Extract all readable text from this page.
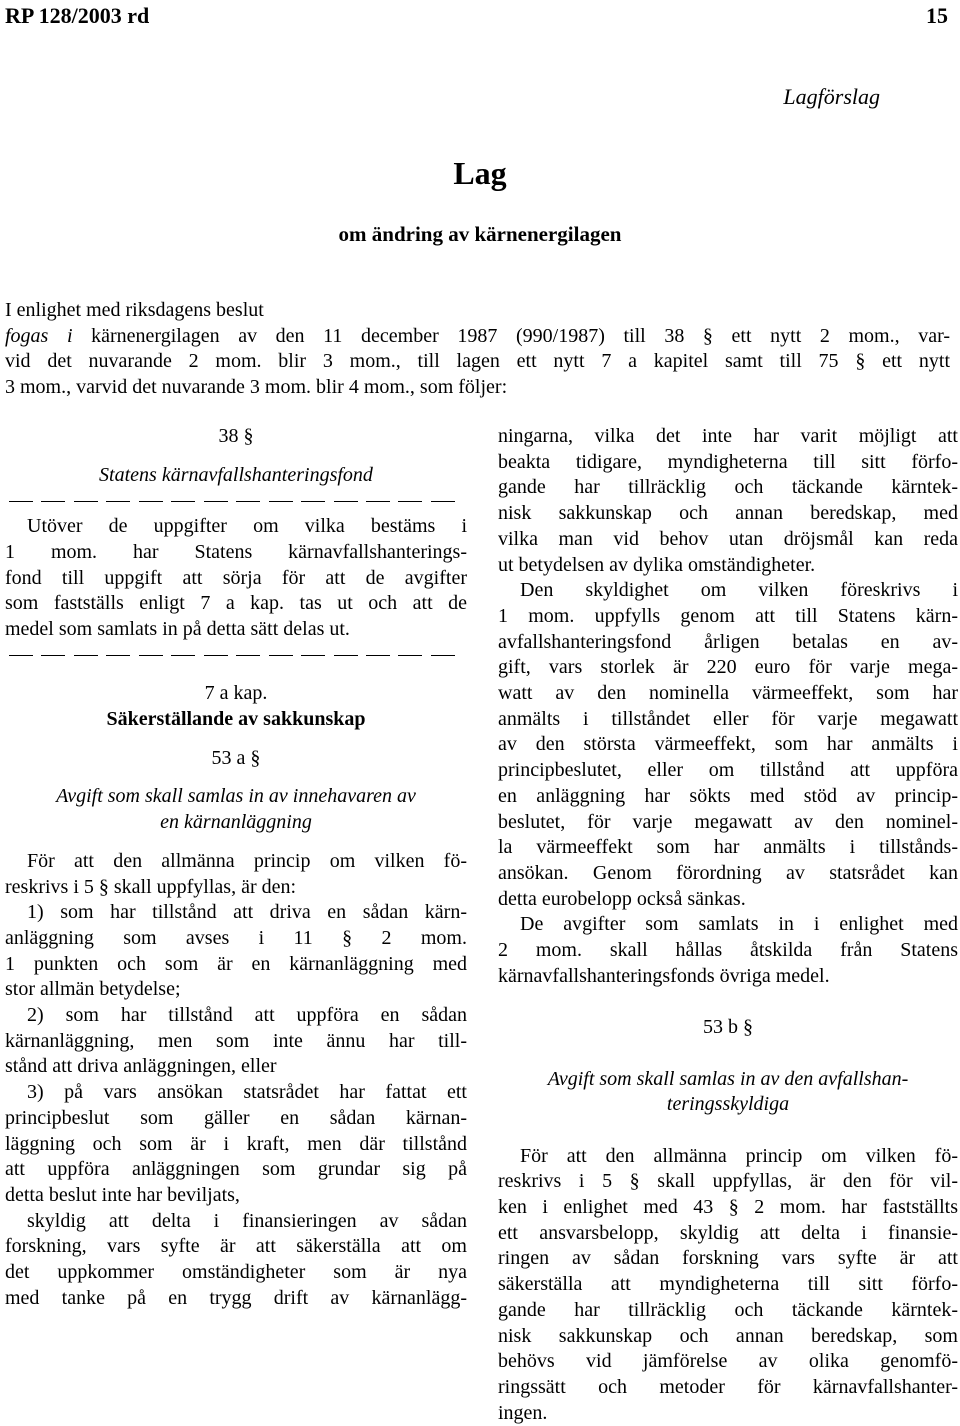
RP 128/2003 rd	15
Lagförslag
Lag
om ändring av kärnenergilagen
I enlighet med riksdagens beslut
fogas i kärnenergilagen av den 11 december 1987 (990/1987) till 38 § ett nytt 2 mom., var-
vid det nuvarande 2 mom. blir 3 mom., till lagen ett nytt 7 a kapitel samt till 75 § ett nytt
3 mom., varvid det nuvarande 3 mom. blir 4 mom., som följer:
38 §
Statens kärnavfallshanteringsfond
Utöver de uppgifter om vilka bestäms i
1 mom. har Statens kärnavfallshanterings-
fond till uppgift att sörja för att de avgifter
som fastställs enligt 7 a kap. tas ut och att de
medel som samlats in på detta sätt delas ut.
7 a kap.
Säkerställande av sakkunskap
53 a §
Avgift som skall samlas in av innehavaren av
en kärnanläggning
För att den allmänna princip om vilken fö-
reskrivs i 5 § skall uppfyllas, är den:
1) som har tillstånd att driva en sådan kärn-
anläggning som avses i 11 § 2 mom.
1 punkten och som är en kärnanläggning med
stor allmän betydelse;
2) som har tillstånd att uppföra en sådan
kärnanläggning, men som inte ännu har till-
stånd att driva anläggningen, eller
3) på vars ansökan statsrådet har fattat ett
principbeslut som gäller en sådan kärnan-
läggning och som är i kraft, men där tillstånd
att uppföra anläggningen som grundar sig på
detta beslut inte har beviljats,
skyldig att delta i finansieringen av sådan
forskning, vars syfte är att säkerställa att om
det uppkommer omständigheter som är nya
med tanke på en trygg drift av kärnanlägg-
ningarna, vilka det inte har varit möjligt att
beakta tidigare, myndigheterna till sitt förfo-
gande har tillräcklig och täckande kärntek-
nisk sakkunskap och annan beredskap, med
vilka man vid behov utan dröjsmål kan reda
ut betydelsen av dylika omständigheter.
Den skyldighet om vilken föreskrivs i
1 mom. uppfylls genom att till Statens kärn-
avfallshanteringsfond årligen betalas en av-
gift, vars storlek är 220 euro för varje mega-
watt av den nominella värmeeffekt, som har
anmälts i tillståndet eller för varje megawatt
av den största värmeeffekt, som har anmälts i
principbeslutet, eller om tillstånd att uppföra
en anläggning har sökts med stöd av princip-
beslutet, för varje megawatt av den nominel-
la värmeeffekt som har anmälts i tillstånds-
ansökan. Genom förordning av statsrådet kan
detta eurobelopp också sänkas.
De avgifter som samlats in i enlighet med
2 mom. skall hållas åtskilda från Statens
kärnavfallshanteringsfonds övriga medel.
53 b §
Avgift som skall samlas in av den avfallshan-
teringsskyldiga
För att den allmänna princip om vilken fö-
reskrivs i 5 § skall uppfyllas, är den för vil-
ken i enlighet med 43 § 2 mom. har fastställts
ett ansvarsbelopp, skyldig att delta i finansie-
ringen av sådan forskning vars syfte är att
säkerställa att myndigheterna till sitt förfo-
gande har tillräcklig och täckande kärntek-
nisk sakkunskap och annan beredskap, som
behövs vid jämförelse av olika genomfö-
ringssätt och metoder för kärnavfallshanter-
ingen.
